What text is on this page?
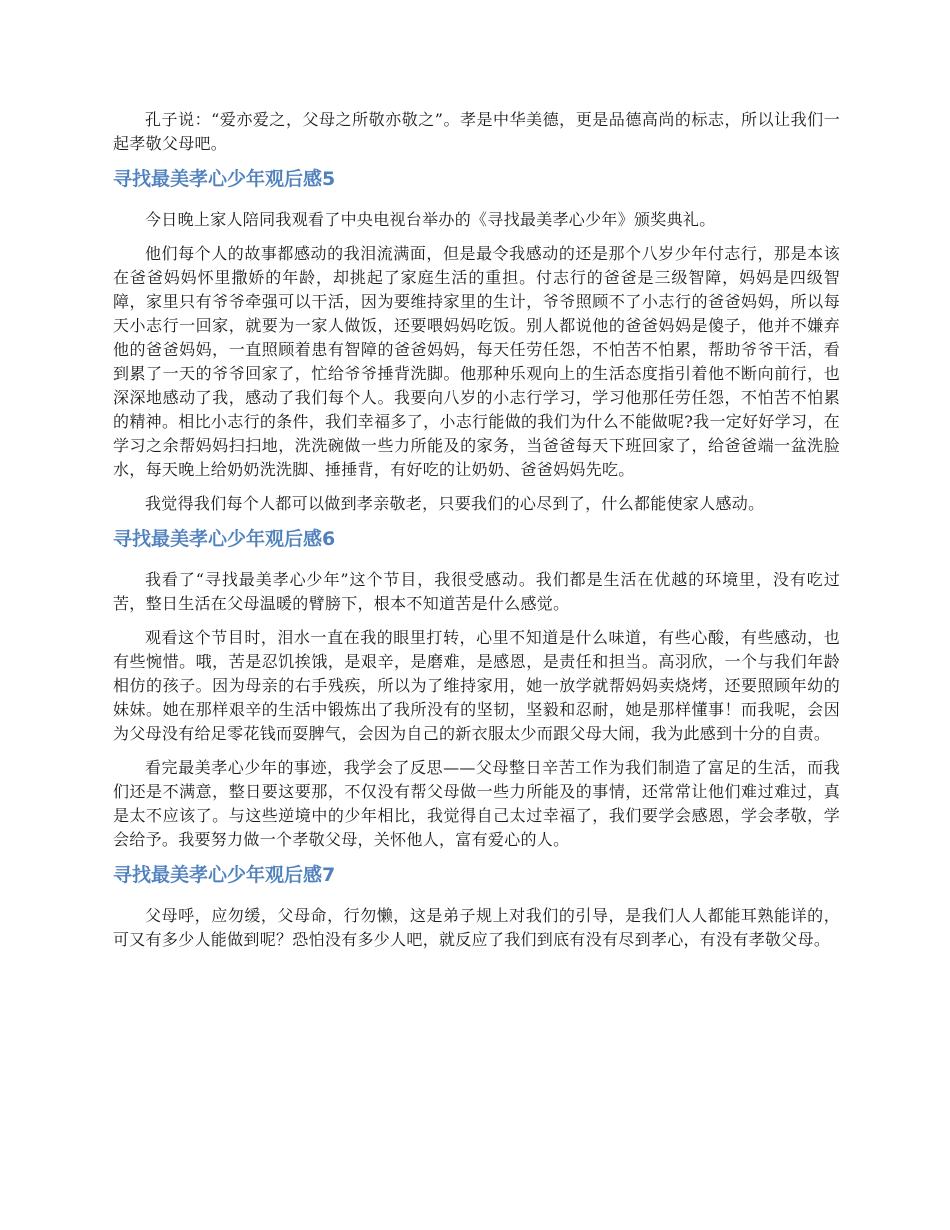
孔子说：“爱亦爱之，父母之所敬亦敬之”。孝是中华美德，更是品德高尚的标志，所以让我们一起孝敬父母吧。

寻找最美孝心少年观后感5

今日晚上家人陪同我观看了中央电视台举办的《寻找最美孝心少年》颁奖典礼。

他们每个人的故事都感动的我泪流满面，但是最令我感动的还是那个八岁少年付志行，那是本该在爸爸妈妈怀里撒娇的年龄，却挑起了家庭生活的重担。付志行的爸爸是三级智障，妈妈是四级智障，家里只有爷爷牵强可以干活，因为要维持家里的生计，爷爷照顾不了小志行的爸爸妈妈，所以每天小志行一回家，就要为一家人做饭，还要喂妈妈吃饭。别人都说他的爸爸妈妈是傻子，他并不嫌弃他的爸爸妈妈，一直照顾着患有智障的爸爸妈妈，每天任劳任怨，不怕苦不怕累，帮助爷爷干活，看到累了一天的爷爷回家了，忙给爷爷捶背洗脚。他那种乐观向上的生活态度指引着他不断向前行，也深深地感动了我，感动了我们每个人。我要向八岁的小志行学习，学习他那任劳任怨，不怕苦不怕累的精神。相比小志行的条件，我们幸福多了，小志行能做的我们为什么不能做呢?我一定好好学习，在学习之余帮妈妈扫扫地，洗洗碗做一些力所能及的家务，当爸爸每天下班回家了，给爸爸端一盆洗脸水，每天晚上给奶奶洗洗脚、捶捶背，有好吃的让奶奶、爸爸妈妈先吃。

我觉得我们每个人都可以做到孝亲敬老，只要我们的心尽到了，什么都能使家人感动。

寻找最美孝心少年观后感6

我看了“寻找最美孝心少年”这个节目，我很受感动。我们都是生活在优越的环境里，没有吃过苦，整日生活在父母温暖的臂膀下，根本不知道苦是什么感觉。

观看这个节目时，泪水一直在我的眼里打转，心里不知道是什么味道，有些心酸，有些感动，也有些惋惜。哦，苦是忍饥挨饿，是艰辛，是磨难，是感恩，是责任和担当。高羽欣，一个与我们年龄相仿的孩子。因为母亲的右手残疾，所以为了维持家用，她一放学就帮妈妈卖烧烤，还要照顾年幼的妹妹。她在那样艰辛的生活中锻炼出了我所没有的坚韧，坚毅和忍耐，她是那样懂事！而我呢，会因为父母没有给足零花钱而耍脾气，会因为自己的新衣服太少而跟父母大闹，我为此感到十分的自责。

看完最美孝心少年的事迹，我学会了反思——父母整日辛苦工作为我们制造了富足的生活，而我们还是不满意，整日要这要那，不仅没有帮父母做一些力所能及的事情，还常常让他们难过难过，真是太不应该了。与这些逆境中的少年相比，我觉得自己太过幸福了，我们要学会感恩，学会孝敬，学会给予。我要努力做一个孝敬父母，关怀他人，富有爱心的人。

寻找最美孝心少年观后感7

父母呼，应勿缓，父母命，行勿懒，这是弟子规上对我们的引导，是我们人人都能耳熟能详的，可又有多少人能做到呢？恐怕没有多少人吧，就反应了我们到底有没有尽到孝心，有没有孝敬父母。
